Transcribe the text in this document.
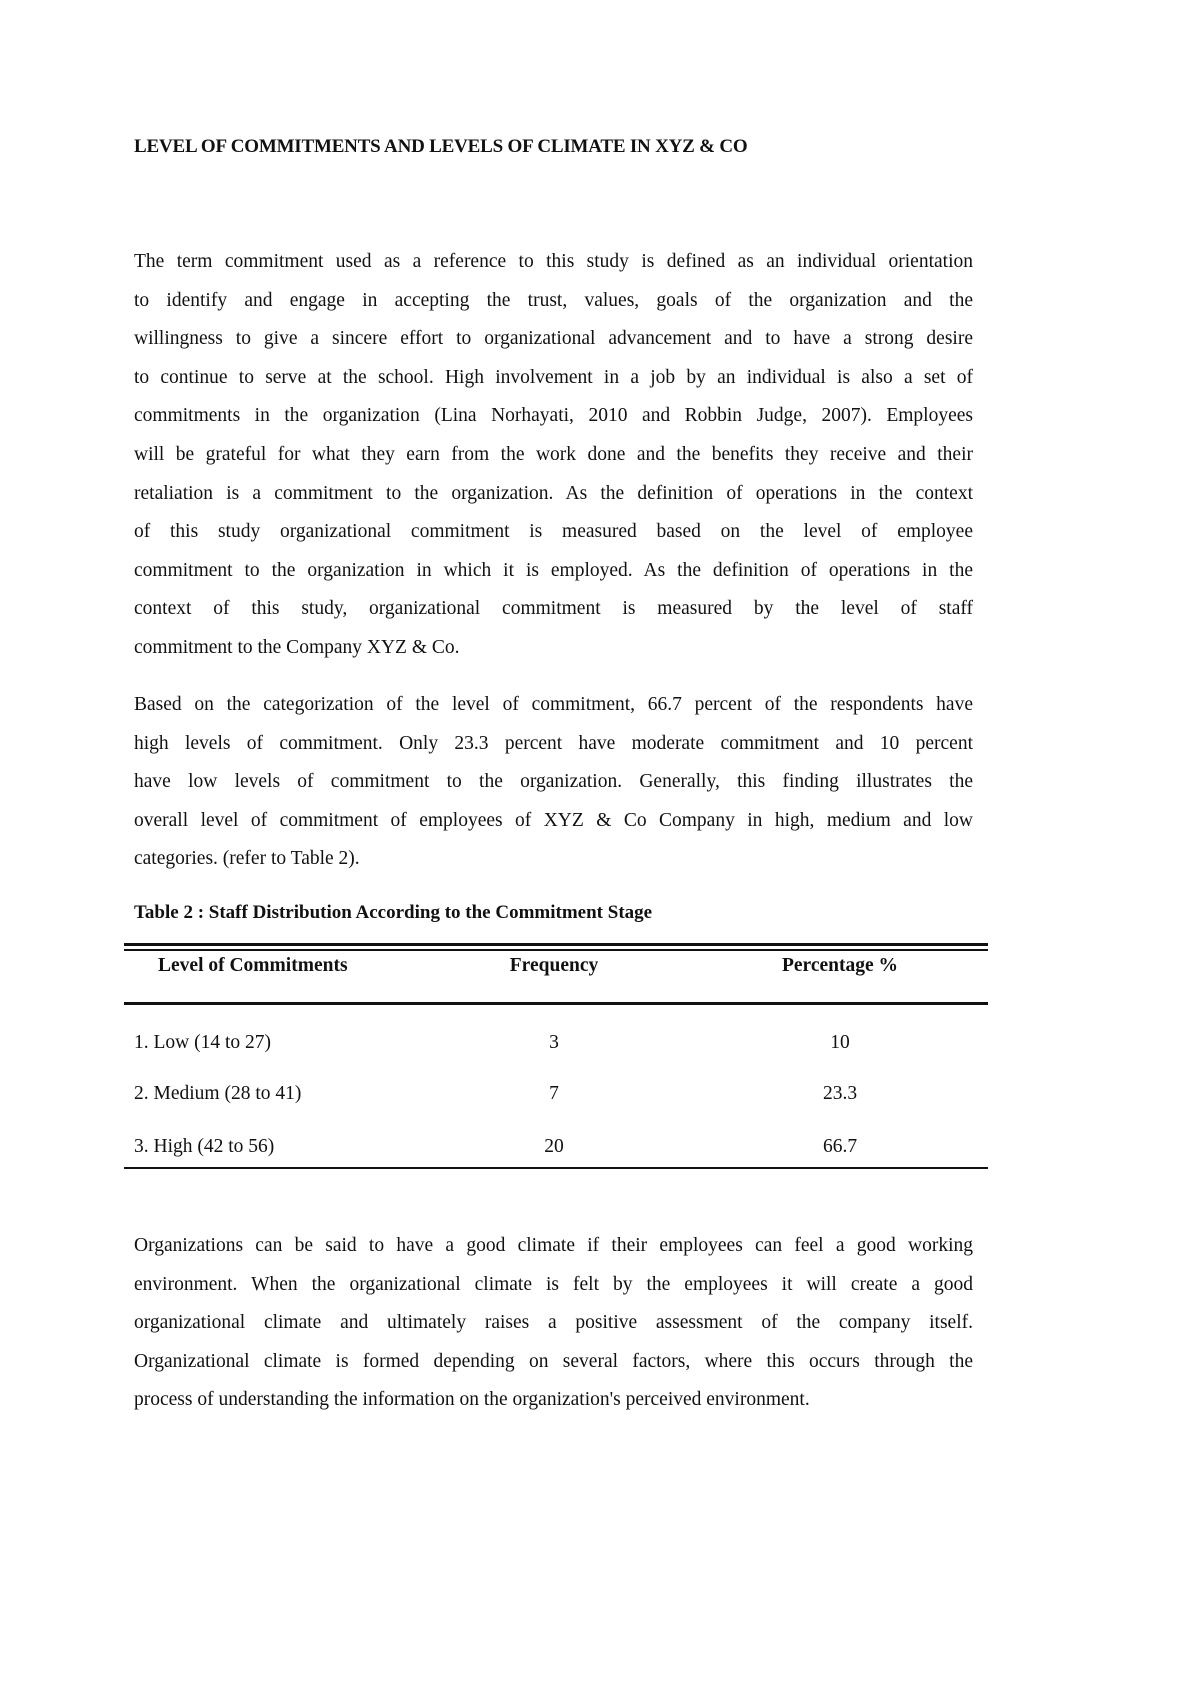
LEVEL OF COMMITMENTS AND LEVELS OF CLIMATE IN XYZ & CO
The term commitment used as a reference to this study is defined as an individual orientation
to identify and engage in accepting the trust, values, goals of the organization and the
willingness to give a sincere effort to organizational advancement and to have a strong desire
to continue to serve at the school. High involvement in a job by an individual is also a set of
commitments in the organization (Lina Norhayati, 2010 and Robbin Judge, 2007). Employees
will be grateful for what they earn from the work done and the benefits they receive and their
retaliation is a commitment to the organization. As the definition of operations in the context
of this study organizational commitment is measured based on the level of employee
commitment to the organization in which it is employed. As the definition of operations in the
context of this study, organizational commitment is measured by the level of staff
commitment to the Company XYZ & Co.
Based on the categorization of the level of commitment, 66.7 percent of the respondents have
high levels of commitment. Only 23.3 percent have moderate commitment and 10 percent
have low levels of commitment to the organization. Generally, this finding illustrates the
overall level of commitment of employees of XYZ & Co Company in high, medium and low
categories. (refer to Table 2).
Table 2 : Staff Distribution According to the Commitment Stage
Level of Commitments	Frequency	Percentage %
1. Low (14 to 27)	3	10
2. Medium (28 to 41)	7	23.3
3. High (42 to 56)	20	66.7
Organizations can be said to have a good climate if their employees can feel a good working
environment. When the organizational climate is felt by the employees it will create a good
organizational climate and ultimately raises a positive assessment of the company itself.
Organizational climate is formed depending on several factors, where this occurs through the
process of understanding the information on the organization's perceived environment.
